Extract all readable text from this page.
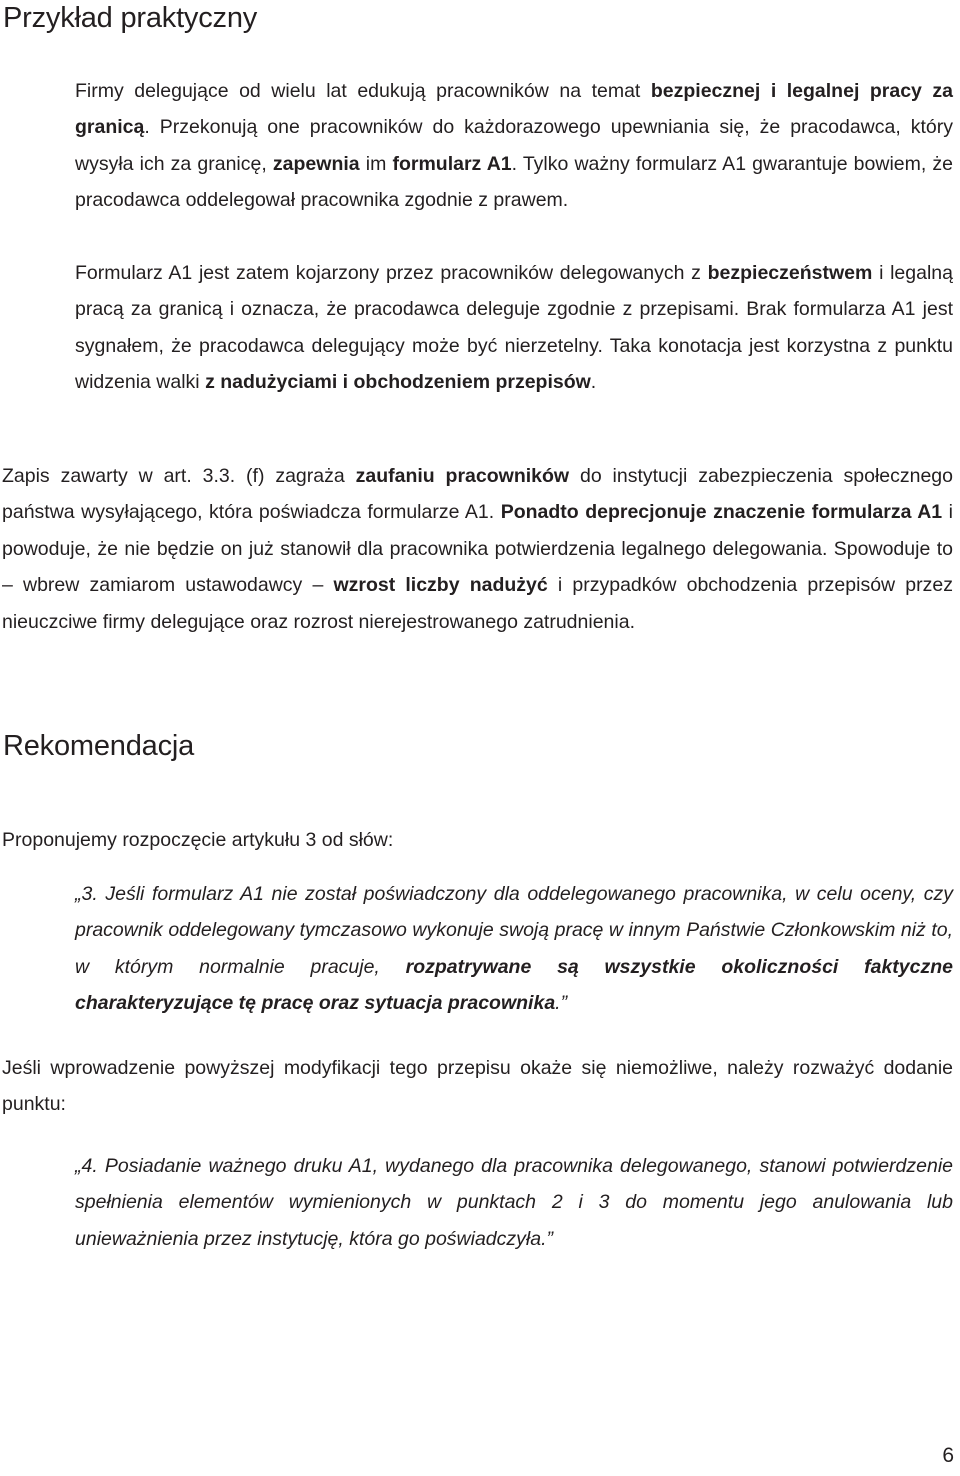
Przykład praktyczny

Firmy delegujące od wielu lat edukują pracowników na temat bezpiecznej i legalnej pracy za granicą. Przekonują one pracowników do każdorazowego upewniania się, że pracodawca, który wysyła ich za granicę, zapewnia im formularz A1. Tylko ważny formularz A1 gwarantuje bowiem, że pracodawca oddelegował pracownika zgodnie z prawem.

Formularz A1 jest zatem kojarzony przez pracowników delegowanych z bezpieczeństwem i legalną pracą za granicą i oznacza, że pracodawca deleguje zgodnie z przepisami. Brak formularza A1 jest sygnałem, że pracodawca delegujący może być nierzetelny. Taka konotacja jest korzystna z punktu widzenia walki z nadużyciami i obchodzeniem przepisów.

Zapis zawarty w art. 3.3. (f) zagraża zaufaniu pracowników do instytucji zabezpieczenia społecznego państwa wysyłającego, która poświadcza formularze A1. Ponadto deprecjonuje znaczenie formularza A1 i powoduje, że nie będzie on już stanowił dla pracownika potwierdzenia legalnego delegowania. Spowoduje to – wbrew zamiarom ustawodawcy – wzrost liczby nadużyć i przypadków obchodzenia przepisów przez nieuczciwe firmy delegujące oraz rozrost nierejestrowanego zatrudnienia.

Rekomendacja

Proponujemy rozpoczęcie artykułu 3 od słów:

„3. Jeśli formularz A1 nie został poświadczony dla oddelegowanego pracownika, w celu oceny, czy pracownik oddelegowany tymczasowo wykonuje swoją pracę w innym Państwie Członkowskim niż to, w którym normalnie pracuje, rozpatrywane są wszystkie okoliczności faktyczne charakteryzujące tę pracę oraz sytuacja pracownika.”

Jeśli wprowadzenie powyższej modyfikacji tego przepisu okaże się niemożliwe, należy rozważyć dodanie punktu:

„4. Posiadanie ważnego druku A1, wydanego dla pracownika delegowanego, stanowi potwierdzenie spełnienia elementów wymienionych w punktach 2 i 3 do momentu jego anulowania lub unieważnienia przez instytucję, która go poświadczyła.”

6
